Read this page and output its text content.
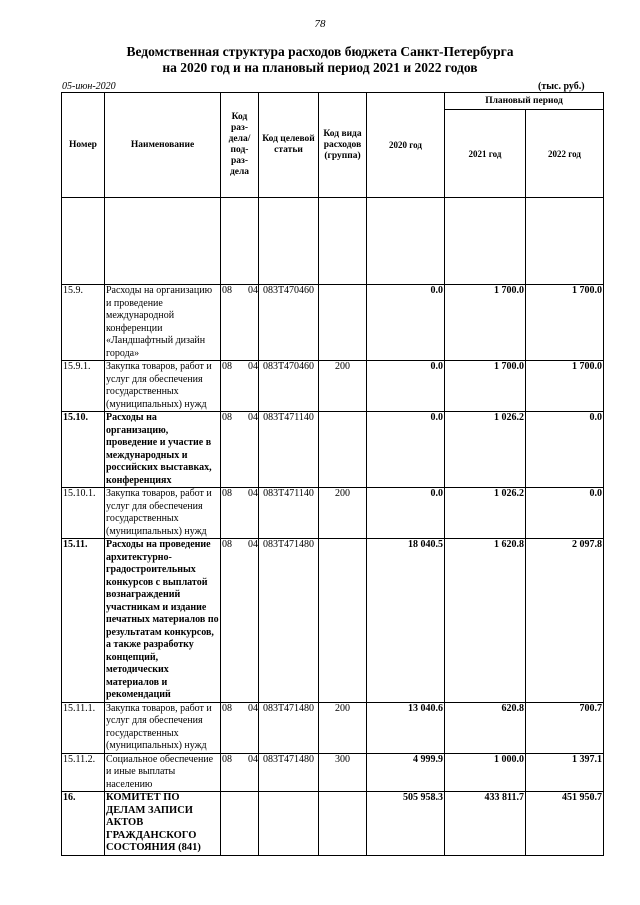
78
Ведомственная структура расходов бюджета Санкт-Петербурга
на 2020 год и на плановый период 2021 и 2022 годов
05-июн-2020	(тыс. руб.)
Номер	Наименование	Код раз- дела/ под- раз- дела	Код целевой статьи	Код вида расходов (группа)	2020 год	Плановый период	
						2021 год	2022 год

15.9.	Расходы на организацию и проведение международной конференции «Ландшафтный дизайн города»	08 04	083Т470460		0.0	1 700.0	1 700.0
15.9.1.	Закупка товаров, работ и услуг для обеспечения государственных (муниципальных) нужд	08 04	083Т470460	200	0.0	1 700.0	1 700.0
15.10.	Расходы на организацию, проведение и участие в международных и российских выставках, конференциях	08 04	083Т471140		0.0	1 026.2	0.0
15.10.1.	Закупка товаров, работ и услуг для обеспечения государственных (муниципальных) нужд	08 04	083Т471140	200	0.0	1 026.2	0.0
15.11.	Расходы на проведение архитектурно-градостроительных конкурсов с выплатой вознаграждений участникам и издание печатных материалов по результатам конкурсов, а также разработку концепций, методических материалов и рекомендаций	08 04	083Т471480		18 040.5	1 620.8	2 097.8
15.11.1.	Закупка товаров, работ и услуг для обеспечения государственных (муниципальных) нужд	08 04	083Т471480	200	13 040.6	620.8	700.7
15.11.2.	Социальное обеспечение и иные выплаты населению	08 04	083Т471480	300	4 999.9	1 000.0	1 397.1
16.	КОМИТЕТ ПО ДЕЛАМ ЗАПИСИ АКТОВ ГРАЖДАНСКОГО СОСТОЯНИЯ (841)				505 958.3	433 811.7	451 950.7
